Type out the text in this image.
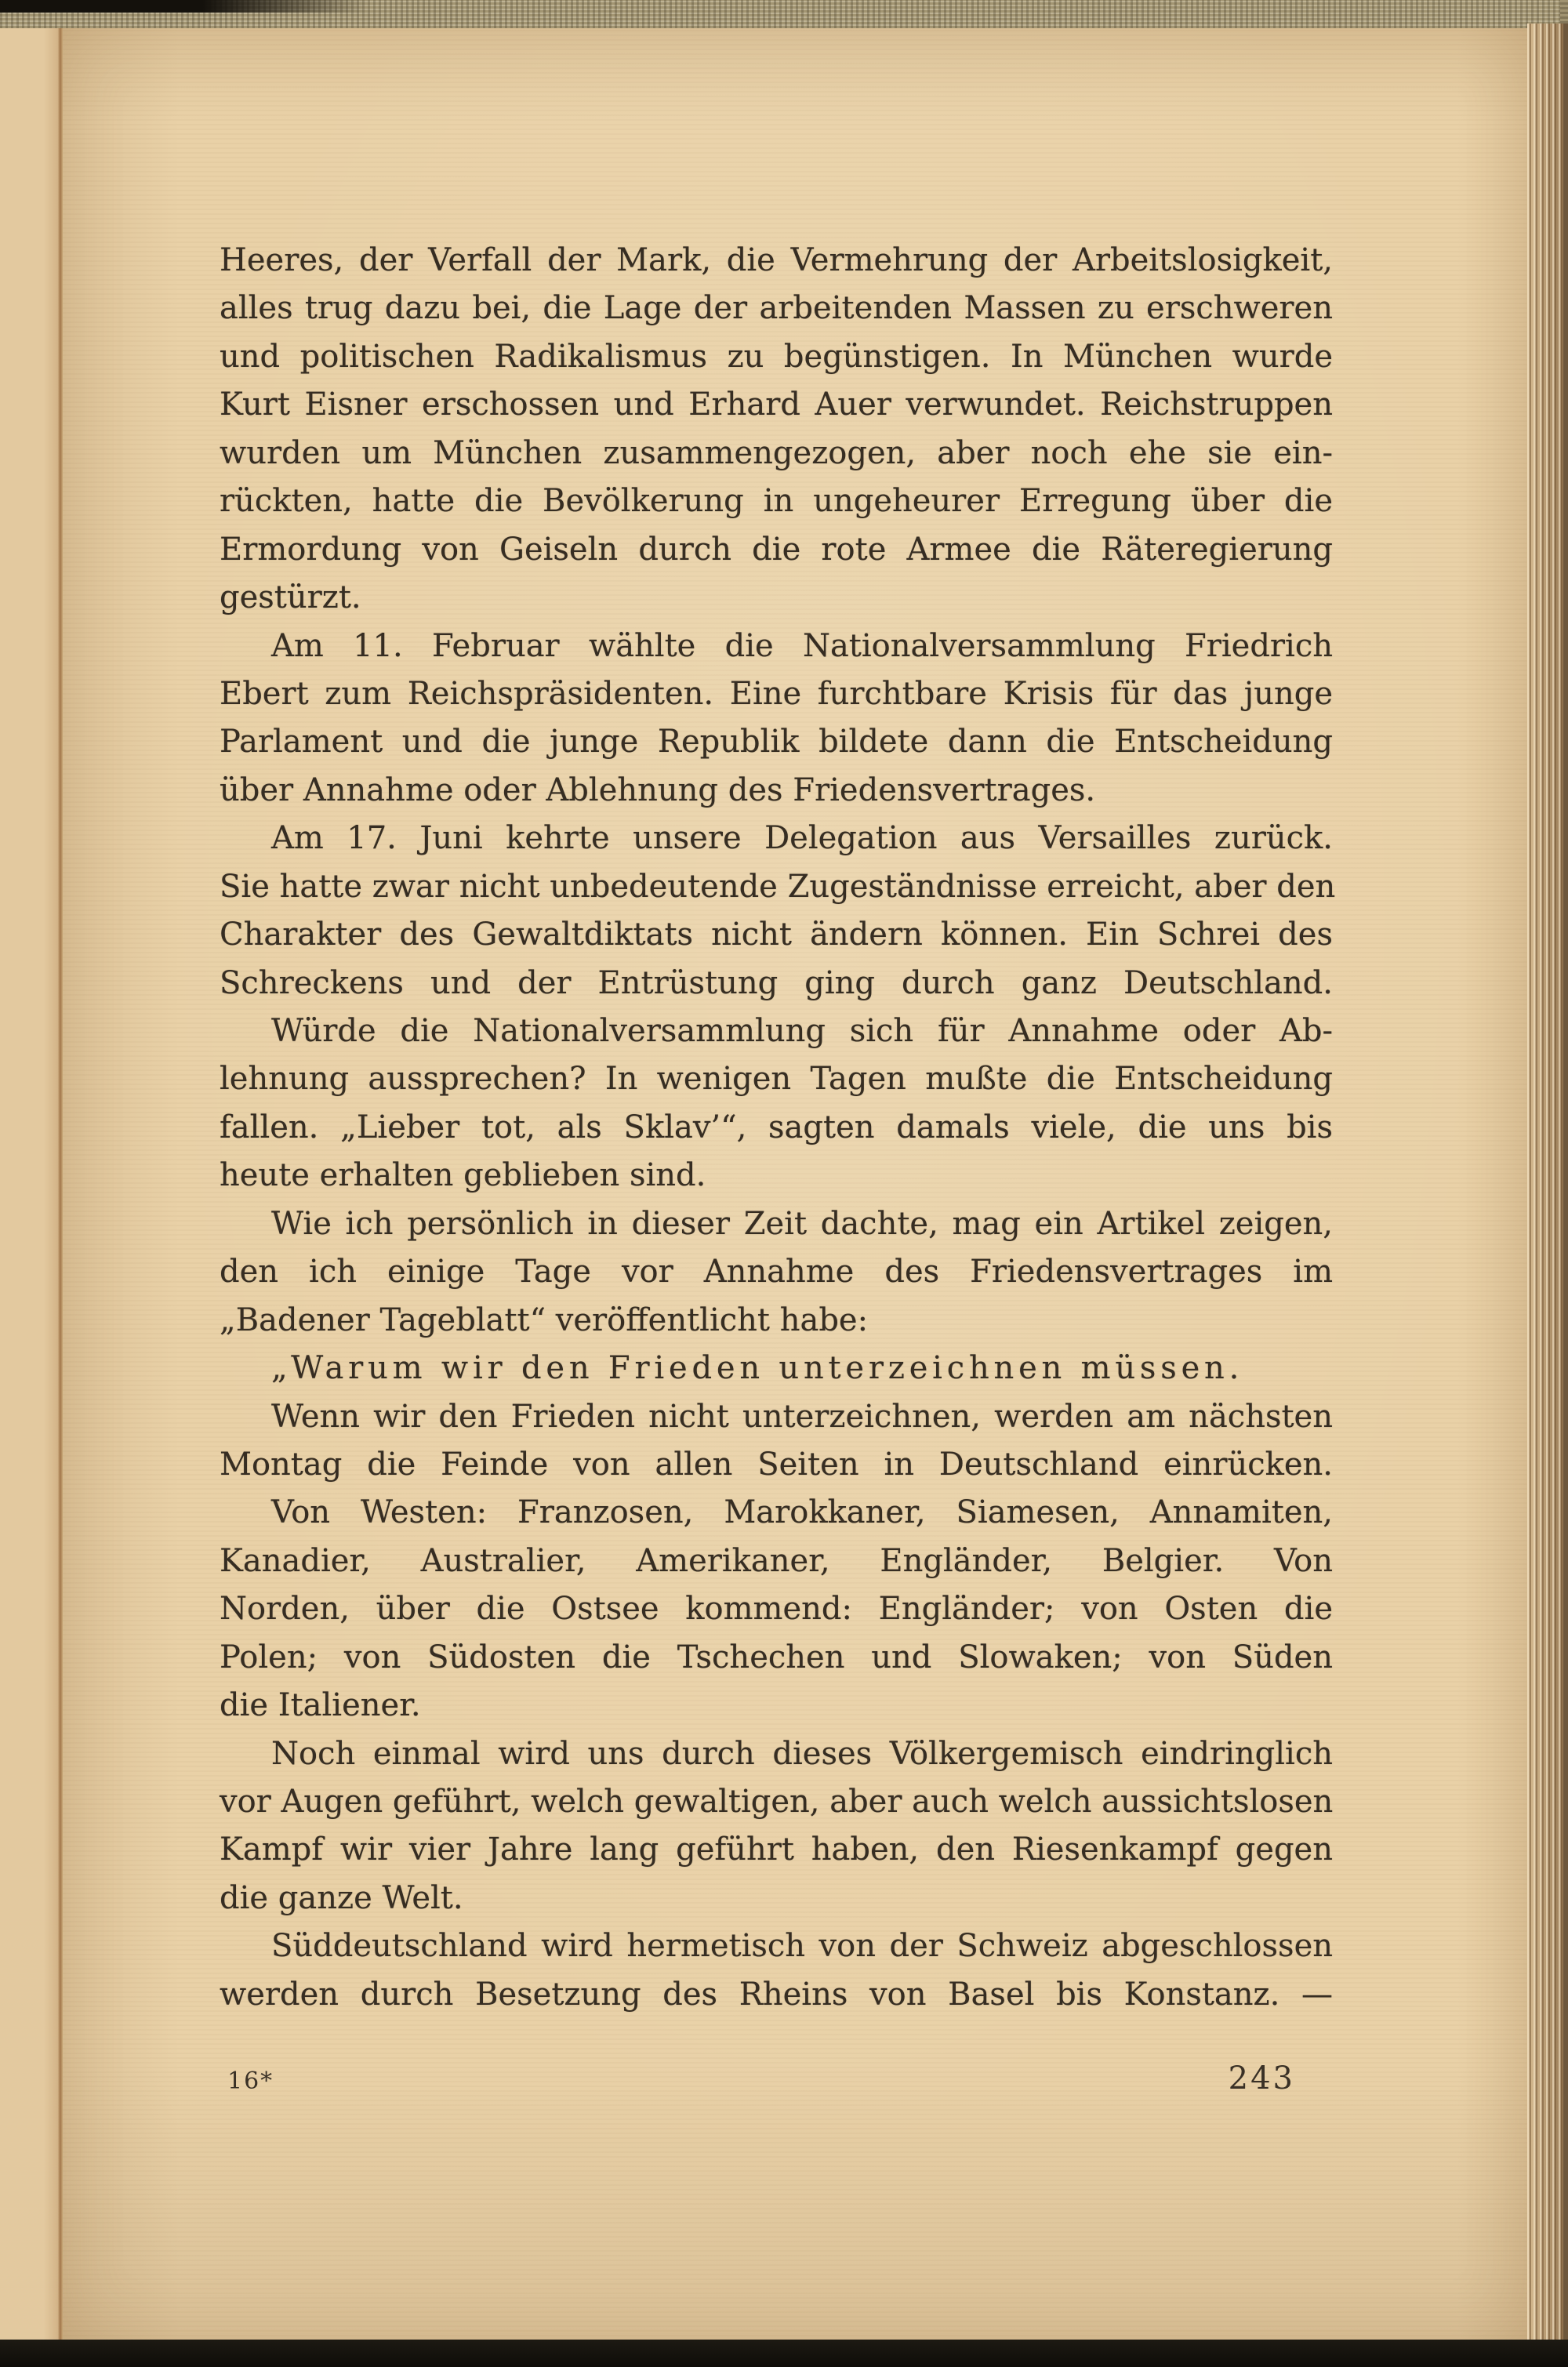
Heeres, der Verfall der Mark, die Vermehrung der Arbeitslosigkeit,
alles trug dazu bei, die Lage der arbeitenden Massen zu erschweren
und politischen Radikalismus zu begünstigen. In München wurde
Kurt Eisner erschossen und Erhard Auer verwundet. Reichstruppen
wurden um München zusammengezogen, aber noch ehe sie ein-
rückten, hatte die Bevölkerung in ungeheurer Erregung über die
Ermordung von Geiseln durch die rote Armee die Räteregierung
gestürzt.
Am 11. Februar wählte die Nationalversammlung Friedrich
Ebert zum Reichspräsidenten. Eine furchtbare Krisis für das junge
Parlament und die junge Republik bildete dann die Entscheidung
über Annahme oder Ablehnung des Friedensvertrages.
Am 17. Juni kehrte unsere Delegation aus Versailles zurück.
Sie hatte zwar nicht unbedeutende Zugeständnisse erreicht, aber den
Charakter des Gewaltdiktats nicht ändern können. Ein Schrei des
Schreckens und der Entrüstung ging durch ganz Deutschland.
Würde die Nationalversammlung sich für Annahme oder Ab-
lehnung aussprechen? In wenigen Tagen mußte die Entscheidung
fallen. „Lieber tot, als Sklav’“, sagten damals viele, die uns bis
heute erhalten geblieben sind.
Wie ich persönlich in dieser Zeit dachte, mag ein Artikel zeigen,
den ich einige Tage vor Annahme des Friedensvertrages im
„Badener Tageblatt“ veröffentlicht habe:
„Warum wir den Frieden unterzeichnen müssen.
Wenn wir den Frieden nicht unterzeichnen, werden am nächsten
Montag die Feinde von allen Seiten in Deutschland einrücken.
Von Westen: Franzosen, Marokkaner, Siamesen, Annamiten,
Kanadier, Australier, Amerikaner, Engländer, Belgier. Von
Norden, über die Ostsee kommend: Engländer; von Osten die
Polen; von Südosten die Tschechen und Slowaken; von Süden
die Italiener.
Noch einmal wird uns durch dieses Völkergemisch eindringlich
vor Augen geführt, welch gewaltigen, aber auch welch aussichtslosen
Kampf wir vier Jahre lang geführt haben, den Riesenkampf gegen
die ganze Welt.
Süddeutschland wird hermetisch von der Schweiz abgeschlossen
werden durch Besetzung des Rheins von Basel bis Konstanz. —
16*	243
